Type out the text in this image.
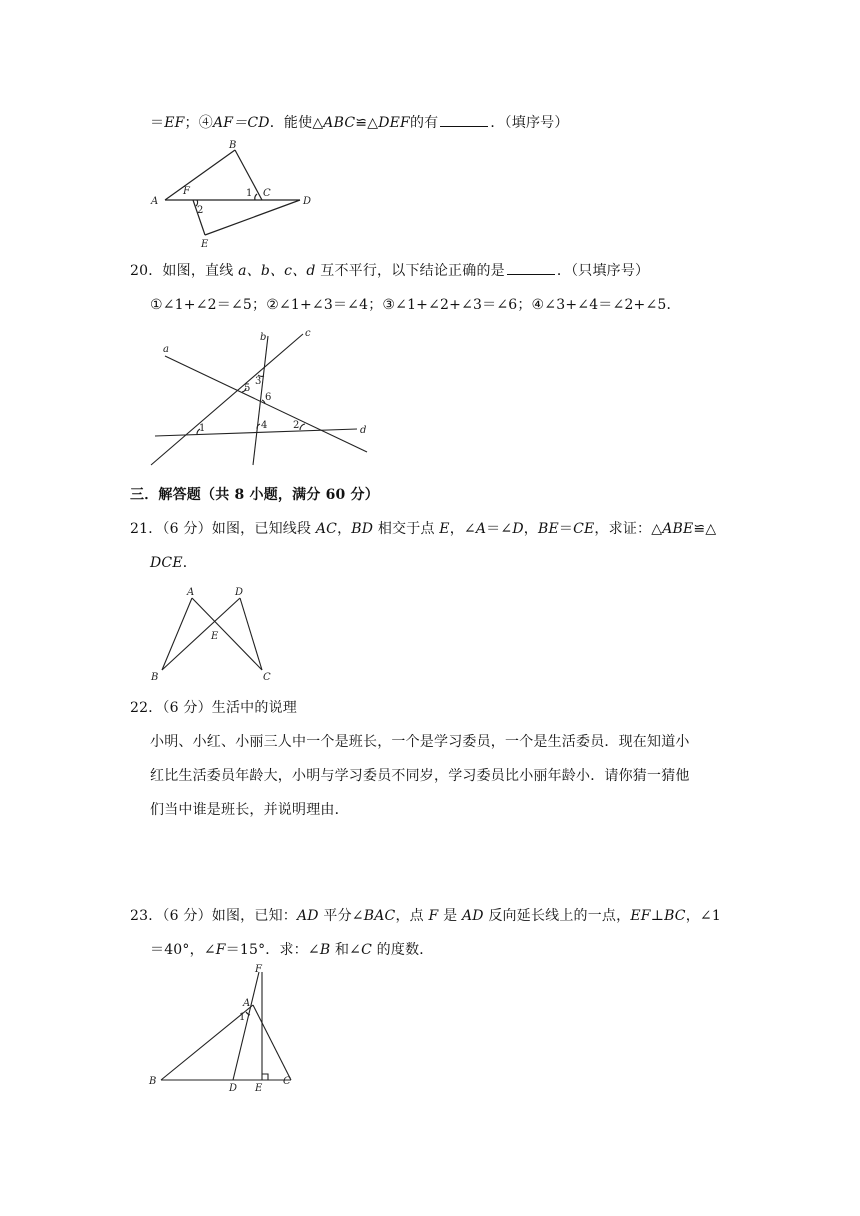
＝EF；④AF＝CD．能使△ABC≌△DEF的有	．（填序号）
A
B
C
D
E
F	1
2
20．如图，直线 a、b、c、d 互不平行，以下结论正确的是	．（只填序号）
①∠1+∠2＝∠5；②∠1+∠3＝∠4；③∠1+∠2+∠3＝∠6；④∠3+∠4＝∠2+∠5．
a
b	c
d
1	2
3
4
5
6
三．解答题（共 8 小题，满分 60 分）
21．（6 分）如图，已知线段 AC，BD 相交于点 E，∠A＝∠D，BE＝CE，求证：△ABE≌△
DCE．
A	D
E
B	C
22．（6 分）生活中的说理
小明、小红、小丽三人中一个是班长，一个是学习委员，一个是生活委员．现在知道小
红比生活委员年龄大，小明与学习委员不同岁，学习委员比小丽年龄小．请你猜一猜他
们当中谁是班长，并说明理由．
23．（6 分）如图，已知：AD 平分∠BAC，点 F 是 AD 反向延长线上的一点，EF⊥BC，∠1
＝40°，∠F＝15°．求：∠B 和∠C 的度数．
F
A
1
B
D E
C
